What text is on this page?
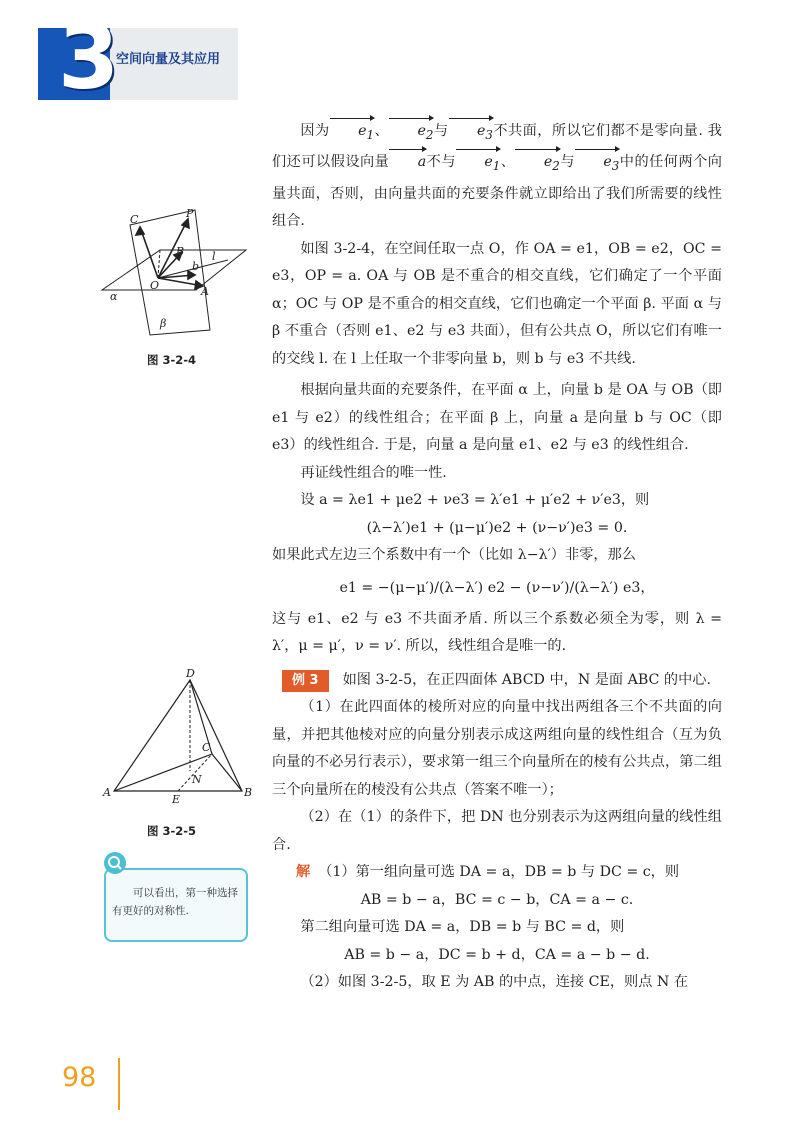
3
空间向量及其应用
C	P
B
O
b
A
l
α
β
图 3-2-4
D
C
N
A
E
B
图 3-2-5
可以看出，第一种选择有更好的对称性.

因为 $e_1$、 $e_2$与 $e_3$不共面，所以它们都不是零向量. 我们还可以假设向量 a不与 $e_1$、 $e_2$与 $e_3$中的任何两个向量共面，否则，由向量共面的充要条件就立即给出了我们所需要的线性组合.

如图 3-2-4，在空间任取一点 O，作 OA = e1，OB = e2，OC = e3，OP = a. OA 与 OB 是不重合的相交直线，它们确定了一个平面 α；OC 与 OP 是不重合的相交直线，它们也确定一个平面 β. 平面 α 与 β 不重合（否则 e1、e2 与 e3 共面），但有公共点 O，所以它们有唯一的交线 l. 在 l 上任取一个非零向量 b，则 b 与 e3 不共线.

根据向量共面的充要条件，在平面 α 上，向量 b 是 OA 与 OB（即 e1 与 e2）的线性组合；在平面 β 上，向量 a 是向量 b 与 OC（即 e3）的线性组合. 于是，向量 a 是向量 e1、e2 与 e3 的线性组合.

再证线性组合的唯一性.

设 a = λe1 + μe2 + νe3 = λ′e1 + μ′e2 + ν′e3，则

(λ−λ′)e1 + (μ−μ′)e2 + (ν−ν′)e3 = 0.

如果此式左边三个系数中有一个（比如 λ−λ′）非零，那么

e1 = −(μ−μ′)/(λ−λ′) e2 − (ν−ν′)/(λ−λ′) e3，

这与 e1、e2 与 e3 不共面矛盾. 所以三个系数必须全为零，则 λ = λ′，μ = μ′，ν = ν′. 所以，线性组合是唯一的.

例 3 如图 3-2-5，在正四面体 ABCD 中，N 是面 ABC 的中心.

（1）在此四面体的棱所对应的向量中找出两组各三个不共面的向量，并把其他棱对应的向量分别表示成这两组向量的线性组合（互为负向量的不必另行表示），要求第一组三个向量所在的棱有公共点，第二组三个向量所在的棱没有公共点（答案不唯一）；

（2）在（1）的条件下，把 DN 也分别表示为这两组向量的线性组合.

解 （1）第一组向量可选 DA = a，DB = b 与 DC = c，则

AB = b − a，BC = c − b，CA = a − c.

第二组向量可选 DA = a，DB = b 与 BC = d，则

AB = b − a，DC = b + d，CA = a − b − d.

（2）如图 3-2-5，取 E 为 AB 的中点，连接 CE，则点 N 在

98
